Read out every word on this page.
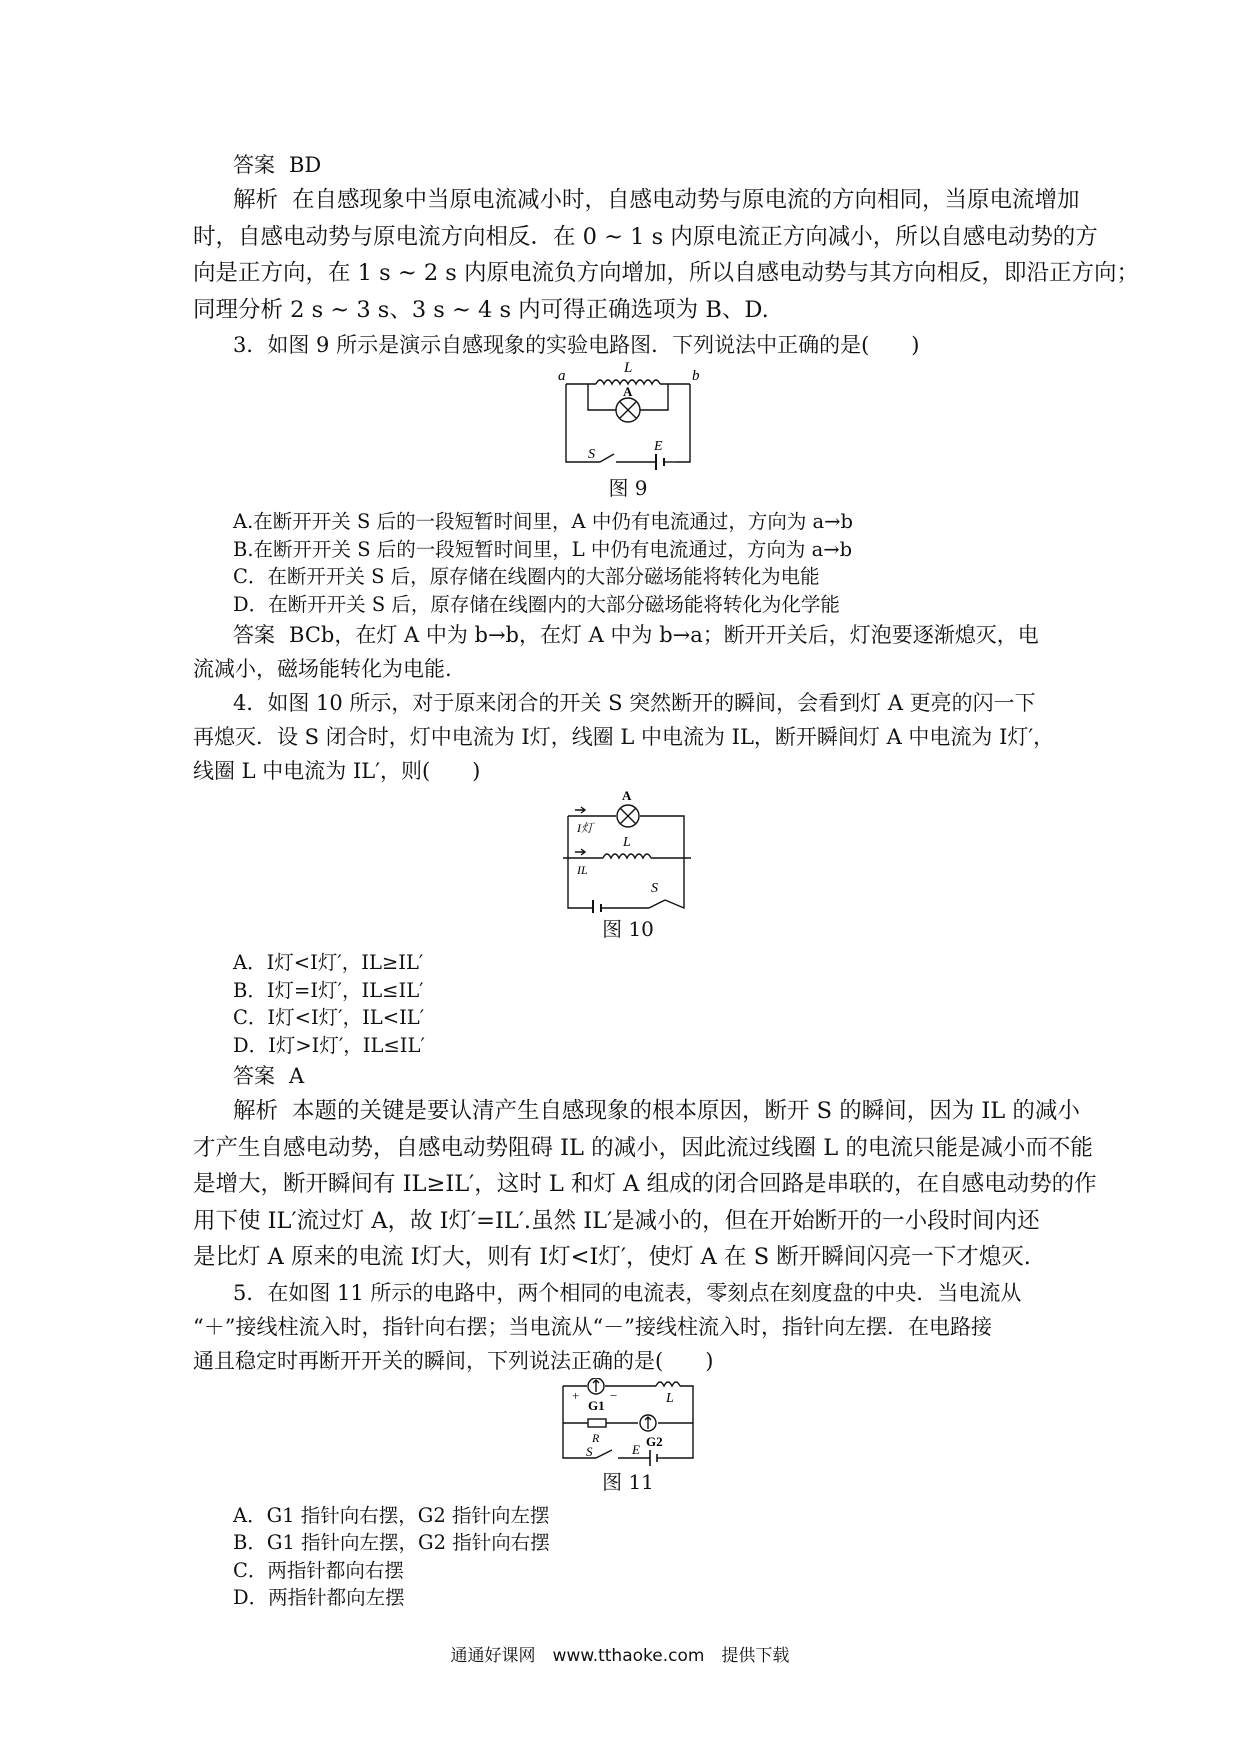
答案 BD

解析 在自感现象中当原电流减小时，自感电动势与原电流的方向相同，当原电流增加

时，自感电动势与原电流方向相反．在 0 ~ 1 s 内原电流正方向减小，所以自感电动势的方

向是正方向，在 1 s ~ 2 s 内原电流负方向增加，所以自感电动势与其方向相反，即沿正方向；

同理分析 2 s ~ 3 s、3 s ~ 4 s 内可得正确选项为 B、D.

3．如图 9 所示是演示自感现象的实验电路图．下列说法中正确的是(　　)

a	b
L
A
S
E

图 9

A.在断开开关 S 后的一段短暂时间里，A 中仍有电流通过，方向为 a→b

B.在断开开关 S 后的一段短暂时间里，L 中仍有电流通过，方向为 a→b

C．在断开开关 S 后，原存储在线圈内的大部分磁场能将转化为电能

D．在断开开关 S 后，原存储在线圈内的大部分磁场能将转化为化学能

答案 BCb，在灯 A 中为 b→b，在灯 A 中为 b→a；断开开关后，灯泡要逐渐熄灭，电

流减小，磁场能转化为电能.

4．如图 10 所示，对于原来闭合的开关 S 突然断开的瞬间，会看到灯 A 更亮的闪一下

再熄灭．设 S 闭合时，灯中电流为 I灯，线圈 L 中电流为 IL，断开瞬间灯 A 中电流为 I灯′，

线圈 L 中电流为 IL′，则(　　)

A
I灯
L
IL
S

图 10

A．I灯<I灯′，IL≥IL′

B．I灯=I灯′，IL≤IL′

C．I灯<I灯′，IL<IL′

D．I灯>I灯′，IL≤IL′

答案 A

解析 本题的关键是要认清产生自感现象的根本原因，断开 S 的瞬间，因为 IL 的减小

才产生自感电动势，自感电动势阻碍 IL 的减小，因此流过线圈 L 的电流只能是减小而不能

是增大，断开瞬间有 IL≥IL′，这时 L 和灯 A 组成的闭合回路是串联的，在自感电动势的作

用下使 IL′流过灯 A，故 I灯′=IL′.虽然 IL′是减小的，但在开始断开的一小段时间内还

是比灯 A 原来的电流 I灯大，则有 I灯<I灯′，使灯 A 在 S 断开瞬间闪亮一下才熄灭.

5．在如图 11 所示的电路中，两个相同的电流表，零刻点在刻度盘的中央．当电流从

“＋”接线柱流入时，指针向右摆；当电流从“－”接线柱流入时，指针向左摆．在电路接

通且稳定时再断开开关的瞬间，下列说法正确的是(　　)

+ −
G1	L
R	G2
S	E

图 11

A．G1 指针向右摆，G2 指针向左摆

B．G1 指针向左摆，G2 指针向右摆

C．两指针都向右摆

D．两指针都向左摆

通通好课网　www.tthaoke.com　提供下载
